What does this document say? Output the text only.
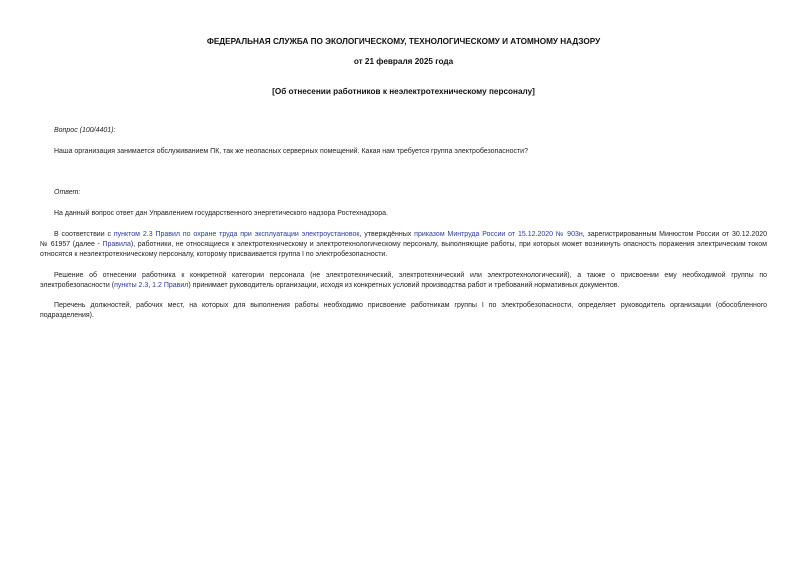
ФЕДЕРАЛЬНАЯ СЛУЖБА ПО ЭКОЛОГИЧЕСКОМУ, ТЕХНОЛОГИЧЕСКОМУ И АТОМНОМУ НАДЗОРУ
от 21 февраля 2025 года
[Об отнесении работников к неэлектротехническому персоналу]
Вопрос (100/4401):
Наша организация занимается обслуживанием ПК, так же неопасных серверных помещений. Какая нам требуется группа электробезопасности?
Ответ:
На данный вопрос ответ дан Управлением государственного энергетического надзора Ростехнадзора.
В соответствии с пунктом 2.3 Правил по охране труда при эксплуатации электроустановок, утверждённых приказом Минтруда России от 15.12.2020 № 903н, зарегистрированным Минюстом России от 30.12.2020
№ 61957 (далее - Правила), работники, не относящиеся к электротехническому и электротехнологическому персоналу, выполняющие работы, при которых может возникнуть опасность поражения электрическим током
относятся к неэлектротехническому персоналу, которому присваивается группа I по электробезопасности.
Решение об отнесении работника к конкретной категории персонала (не электротехнический, электротехнический или электротехнологический), а также о присвоении ему необходимой группы по
электробезопасности (пункты 2.3, 1.2 Правил) принимает руководитель организации, исходя из конкретных условий производства работ и требований нормативных документов.
Перечень должностей, рабочих мест, на которых для выполнения работы необходимо присвоение работникам группы I по электробезопасности, определяет руководитель организации (обособленного
подразделения).
